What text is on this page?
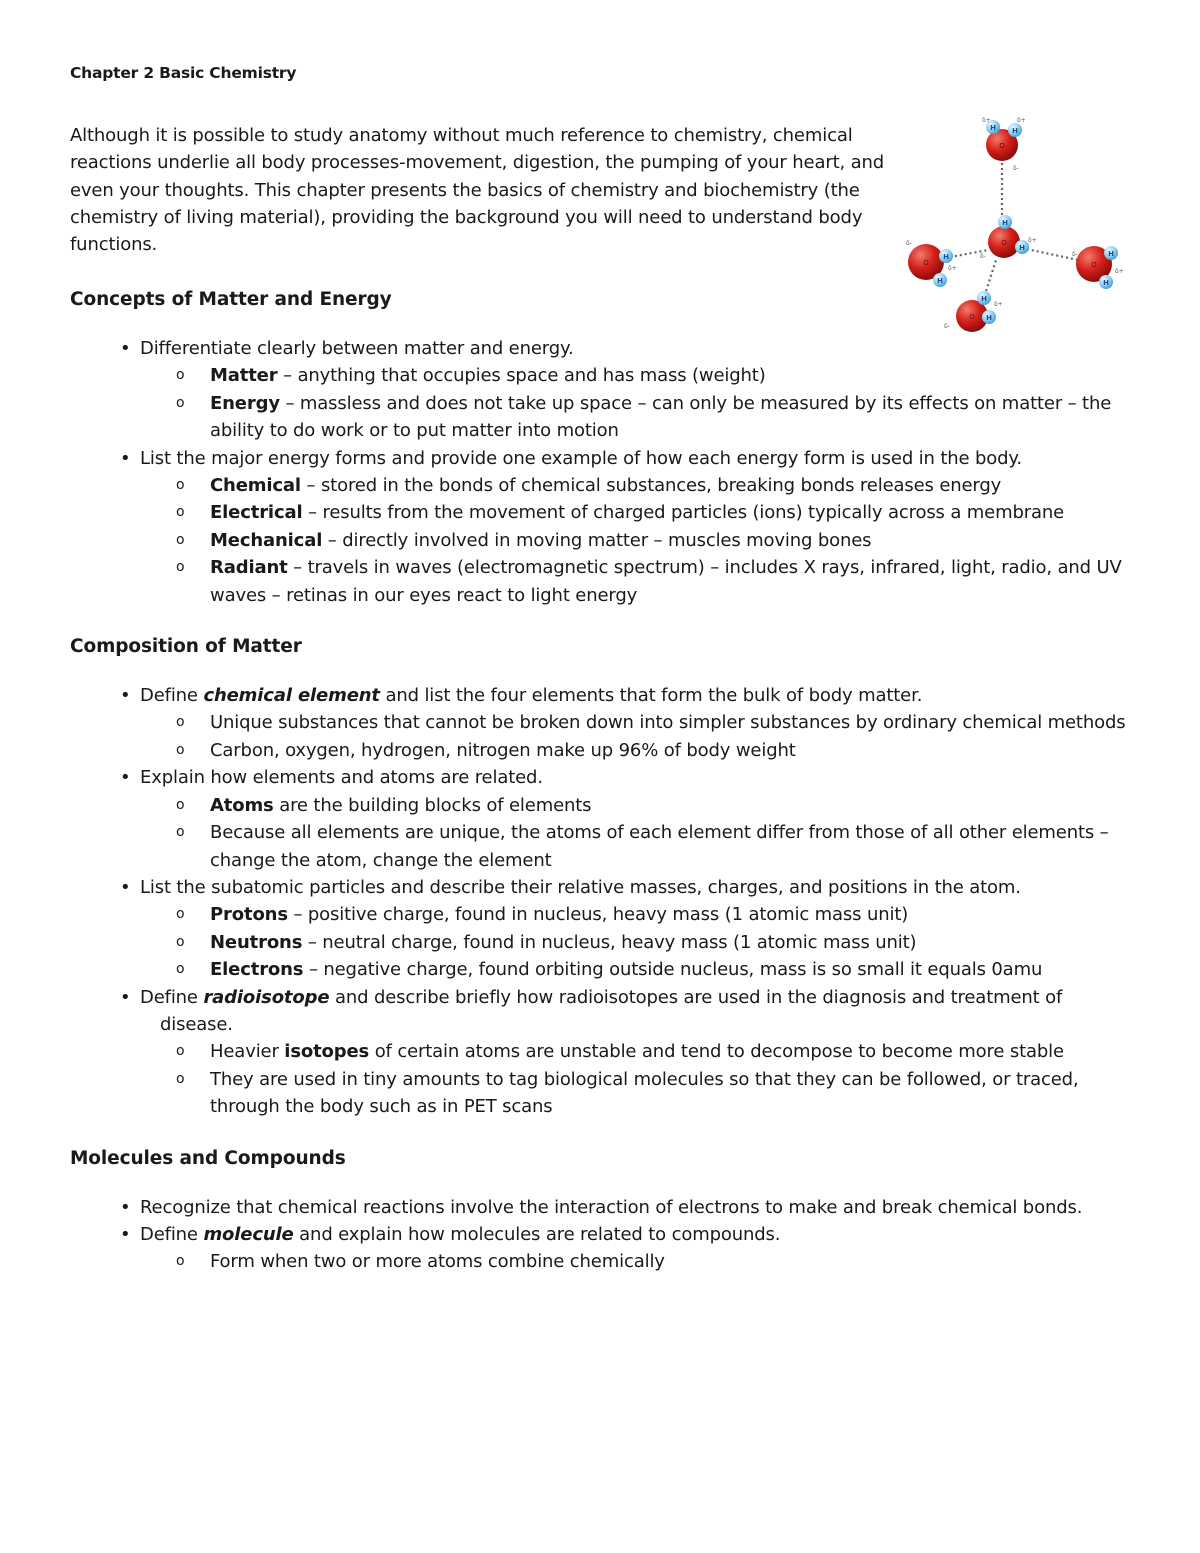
Chapter 2 Basic Chemistry

Although it is possible to study anatomy without much reference to chemistry, chemical reactions underlie all body processes-movement, digestion, the pumping of your heart, and even your thoughts. This chapter presents the basics of chemistry and biochemistry (the chemistry of living material), providing the background you will need to understand body functions.

H H
O
δ+	δ+
δ-
H
H
O
δ-
δ+
H
H
O
δ-
δ+
H
H
O
δ-
δ+
H
H
O
δ-
δ+
Concepts of Matter and Energy
• Differentiate clearly between matter and energy.
o Matter – anything that occupies space and has mass (weight)
o Energy – massless and does not take up space – can only be measured by its effects on matter – the ability to do work or to put matter into motion
• List the major energy forms and provide one example of how each energy form is used in the body.
o Chemical – stored in the bonds of chemical substances, breaking bonds releases energy
o Electrical – results from the movement of charged particles (ions) typically across a membrane
o Mechanical – directly involved in moving matter – muscles moving bones
o Radiant – travels in waves (electromagnetic spectrum) – includes X rays, infrared, light, radio, and UV waves – retinas in our eyes react to light energy
Composition of Matter
• Define chemical element and list the four elements that form the bulk of body matter.
o Unique substances that cannot be broken down into simpler substances by ordinary chemical methods
o Carbon, oxygen, hydrogen, nitrogen make up 96% of body weight
• Explain how elements and atoms are related.
o Atoms are the building blocks of elements
o Because all elements are unique, the atoms of each element differ from those of all other elements – change the atom, change the element
• List the subatomic particles and describe their relative masses, charges, and positions in the atom.
o Protons – positive charge, found in nucleus, heavy mass (1 atomic mass unit)
o Neutrons – neutral charge, found in nucleus, heavy mass (1 atomic mass unit)
o Electrons – negative charge, found orbiting outside nucleus, mass is so small it equals 0amu
• Define radioisotope and describe briefly how radioisotopes are used in the diagnosis and treatment of disease.
o Heavier isotopes of certain atoms are unstable and tend to decompose to become more stable
o They are used in tiny amounts to tag biological molecules so that they can be followed, or traced, through the body such as in PET scans
Molecules and Compounds
• Recognize that chemical reactions involve the interaction of electrons to make and break chemical bonds.
• Define molecule and explain how molecules are related to compounds.
o Form when two or more atoms combine chemically
